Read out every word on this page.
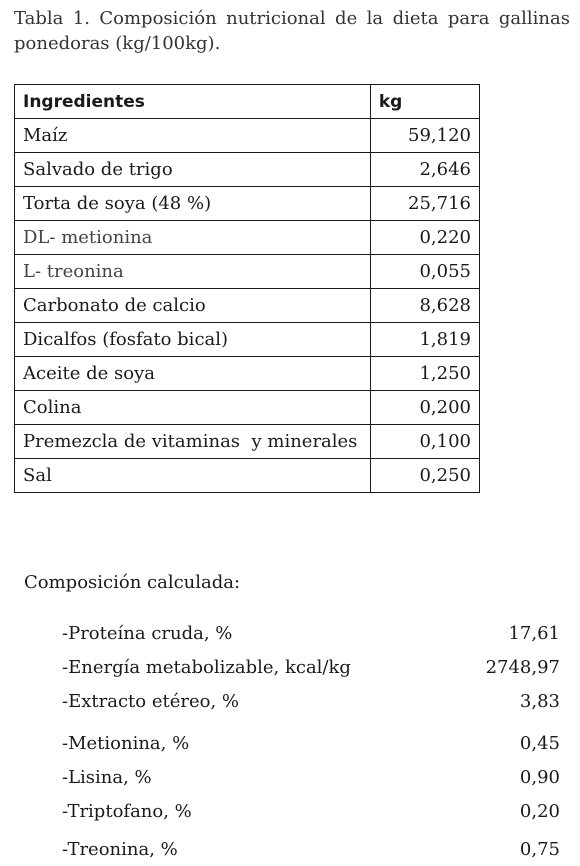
Tabla 1. Composición nutricional de la dieta para gallinas ponedoras (kg/100kg).
Ingredientes	kg
Maíz	59,120
Salvado de trigo	2,646
Torta de soya (48 %)	25,716
DL- metionina	0,220
L- treonina	0,055
Carbonato de calcio	8,628
Dicalfos (fosfato bical)	1,819
Aceite de soya	1,250
Colina	0,200
Premezcla de vitaminas  y minerales	0,100
Sal	0,250
Composición calculada:
-Proteína cruda, %	17,61
-Energía metabolizable, kcal/kg	2748,97
-Extracto etéreo, %	3,83
-Metionina, %	0,45
-Lisina, %	0,90
-Triptofano, %	0,20
-Treonina, %	0,75
